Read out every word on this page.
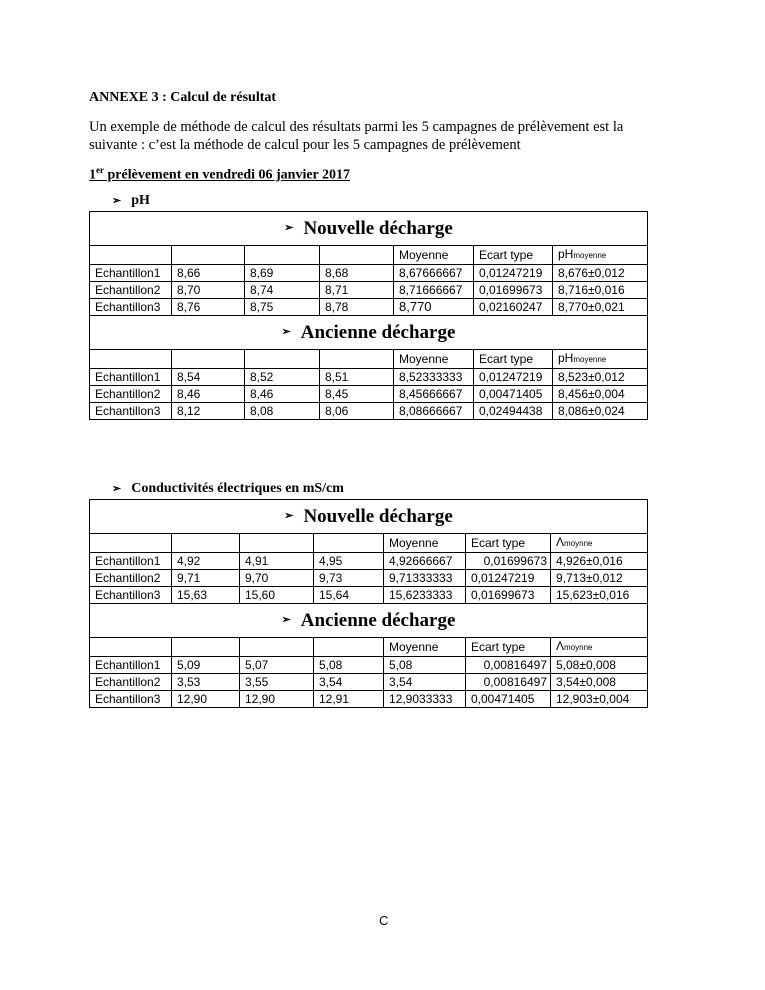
ANNEXE 3 : Calcul de résultat
Un exemple de méthode de calcul des résultats parmi les 5 campagnes de prélèvement est la
suivante : c’est la méthode de calcul pour les 5 campagnes de prélèvement
1er prélèvement en vendredi 06 janvier 2017
➢ pH
➢ Nouvelle décharge						
				Moyenne	Ecart type	pHmoyenne
Echantillon1	8,66	8,69	8,68	8,67666667	0,01247219	8,676±0,012
Echantillon2	8,70	8,74	8,71	8,71666667	0,01699673	8,716±0,016
Echantillon3	8,76	8,75	8,78	8,770	0,02160247	8,770±0,021
➢ Ancienne décharge						
				Moyenne	Ecart type	pHmoyenne
Echantillon1	8,54	8,52	8,51	8,52333333	0,01247219	8,523±0,012
Echantillon2	8,46	8,46	8,45	8,45666667	0,00471405	8,456±0,004
Echantillon3	8,12	8,08	8,06	8,08666667	0,02494438	8,086±0,024
➢ Conductivités électriques en mS/cm
➢ Nouvelle décharge						
				Moyenne	Ecart type	Λmoynne
Echantillon1	4,92	4,91	4,95	4,92666667	0,01699673	4,926±0,016
Echantillon2	9,71	9,70	9,73	9,71333333	0,01247219	9,713±0,012
Echantillon3	15,63	15,60	15,64	15,6233333	0,01699673	15,623±0,016
➢ Ancienne décharge						
				Moyenne	Ecart type	Λmoynne
Echantillon1	5,09	5,07	5,08	5,08	0,00816497	5,08±0,008
Echantillon2	3,53	3,55	3,54	3,54	0,00816497	3,54±0,008
Echantillon3	12,90	12,90	12,91	12,9033333	0,00471405	12,903±0,004
C
